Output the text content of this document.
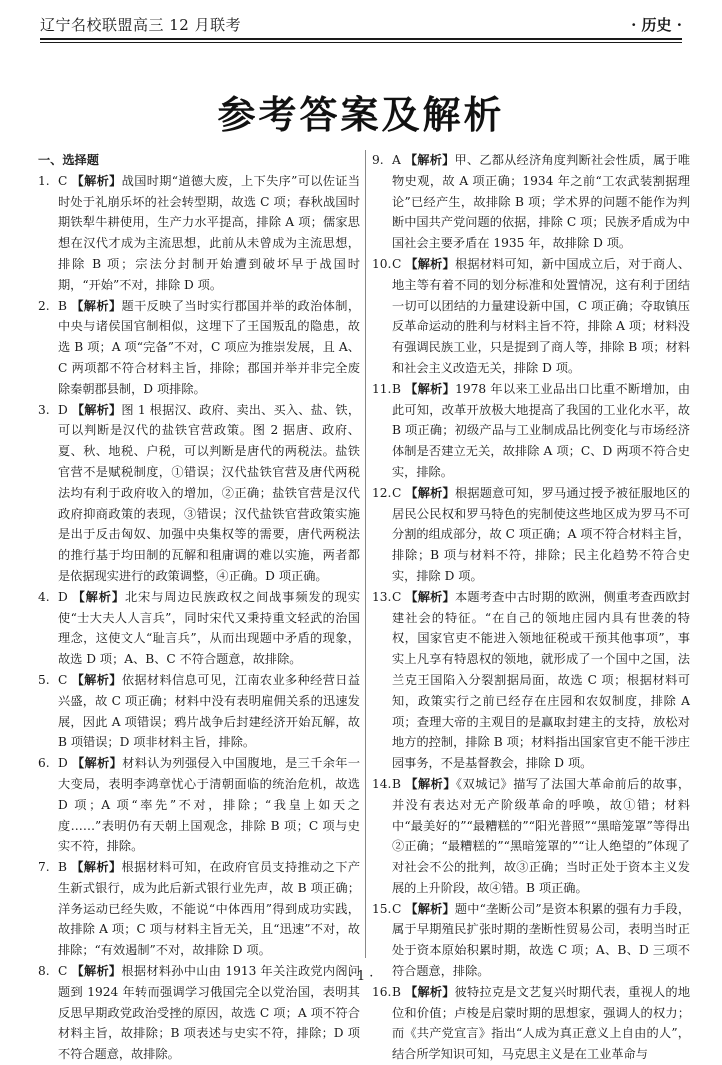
辽宁名校联盟高三 12 月联考	· 历史 ·
参考答案及解析

一、选择题

1. C 【解析】战国时期“道德大废，上下失序”可以佐证当时处于礼崩乐坏的社会转型期，故选 C 项；春秋战国时期铁犁牛耕使用，生产力水平提高，排除 A 项；儒家思想在汉代才成为主流思想，此前从未曾成为主流思想，排除 B 项；宗法分封制开始遭到破坏早于战国时期，“开始”不对，排除 D 项。

2. B 【解析】题干反映了当时实行郡国并举的政治体制，中央与诸侯国官制相似，这埋下了王国叛乱的隐患，故选 B 项；A 项“完备”不对，C 项应为推崇发展，且 A、C 两项都不符合材料主旨，排除；郡国并举并非完全废除秦朝郡县制，D 项排除。

3. D 【解析】图 1 根据汉、政府、卖出、买入、盐、铁，可以判断是汉代的盐铁官营政策。图 2 据唐、政府、夏、秋、地税、户税，可以判断是唐代的两税法。盐铁官营不是赋税制度，①错误；汉代盐铁官营及唐代两税法均有利于政府收入的增加，②正确；盐铁官营是汉代政府抑商政策的表现，③错误；汉代盐铁官营政策实施是出于反击匈奴、加强中央集权等的需要，唐代两税法的推行基于均田制的瓦解和租庸调的难以实施，两者都是依据现实进行的政策调整，④正确。D 项正确。

4. D 【解析】北宋与周边民族政权之间战事频发的现实使“士大夫人人言兵”，同时宋代又秉持重文轻武的治国理念，这使文人“耻言兵”，从而出现题中矛盾的现象，故选 D 项；A、B、C 不符合题意，故排除。

5. C 【解析】依据材料信息可见，江南农业多种经营日益兴盛，故 C 项正确；材料中没有表明雇佣关系的迅速发展，因此 A 项错误；鸦片战争后封建经济开始瓦解，故 B 项错误；D 项非材料主旨，排除。

6. D 【解析】材料认为列强侵入中国腹地，是三千余年一大变局，表明李鸿章忧心于清朝面临的统治危机，故选 D 项；A 项“率先”不对，排除；“我皇上如天之度……”表明仍有天朝上国观念，排除 B 项；C 项与史实不符，排除。

7. B 【解析】根据材料可知，在政府官员支持推动之下产生新式银行，成为此后新式银行业先声，故 B 项正确；洋务运动已经失败，不能说“中体西用”得到成功实践，故排除 A 项；C 项与材料主旨无关，且“迅速”不对，故排除；“有效遏制”不对，故排除 D 项。

8. C 【解析】根据材料孙中山由 1913 年关注政党内阁问题到 1924 年转而强调学习俄国完全以党治国，表明其反思早期政党政治受挫的原因，故选 C 项；A 项不符合材料主旨，故排除；B 项表述与史实不符，排除；D 项不符合题意，故排除。

9. A 【解析】甲、乙都从经济角度判断社会性质，属于唯物史观，故 A 项正确；1934 年之前“工农武装割据理论”已经产生，故排除 B 项；学术界的问题不能作为判断中国共产党问题的依据，排除 C 项；民族矛盾成为中国社会主要矛盾在 1935 年，故排除 D 项。

10. C 【解析】根据材料可知，新中国成立后，对于商人、地主等有着不同的划分标准和处置情况，这有利于团结一切可以团结的力量建设新中国，C 项正确；夺取镇压反革命运动的胜利与材料主旨不符，排除 A 项；材料没有强调民族工业，只是提到了商人等，排除 B 项；材料和社会主义改造无关，排除 D 项。

11. B 【解析】1978 年以来工业品出口比重不断增加，由此可知，改革开放极大地提高了我国的工业化水平，故 B 项正确；初级产品与工业制成品比例变化与市场经济体制是否建立无关，故排除 A 项；C、D 两项不符合史实，排除。

12. C 【解析】根据题意可知，罗马通过授予被征服地区的居民公民权和罗马特色的宪制使这些地区成为罗马不可分割的组成部分，故 C 项正确；A 项不符合材料主旨，排除；B 项与材料不符，排除；民主化趋势不符合史实，排除 D 项。

13. C 【解析】本题考查中古时期的欧洲，侧重考查西欧封建社会的特征。“在自己的领地庄园内具有世袭的特权，国家官吏不能进入领地征税或干预其他事项”，事实上凡享有特恩权的领地，就形成了一个国中之国，法兰克王国陷入分裂割据局面，故选 C 项；根据材料可知，政策实行之前已经存在庄园和农奴制度，排除 A 项；查理大帝的主观目的是赢取封建主的支持，放松对地方的控制，排除 B 项；材料指出国家官吏不能干涉庄园事务，不是基督教会，排除 D 项。

14. B 【解析】《双城记》描写了法国大革命前后的故事，并没有表达对无产阶级革命的呼唤，故①错；材料中“最美好的”“最糟糕的”“阳光普照”“黑暗笼罩”等得出②正确；“最糟糕的”“黑暗笼罩的”“让人绝望的”体现了对社会不公的批判，故③正确；当时正处于资本主义发展的上升阶段，故④错。B 项正确。

15. C 【解析】题中“垄断公司”是资本积累的强有力手段，属于早期殖民扩张时期的垄断性贸易公司，表明当时正处于资本原始积累时期，故选 C 项；A、B、D 三项不符合题意，排除。

16. B 【解析】彼特拉克是文艺复兴时期代表，重视人的地位和价值；卢梭是启蒙时期的思想家，强调人的权力；而《共产党宣言》指出“人成为真正意义上自由的人”，结合所学知识可知，马克思主义是在工业革命与

· 1 ·
